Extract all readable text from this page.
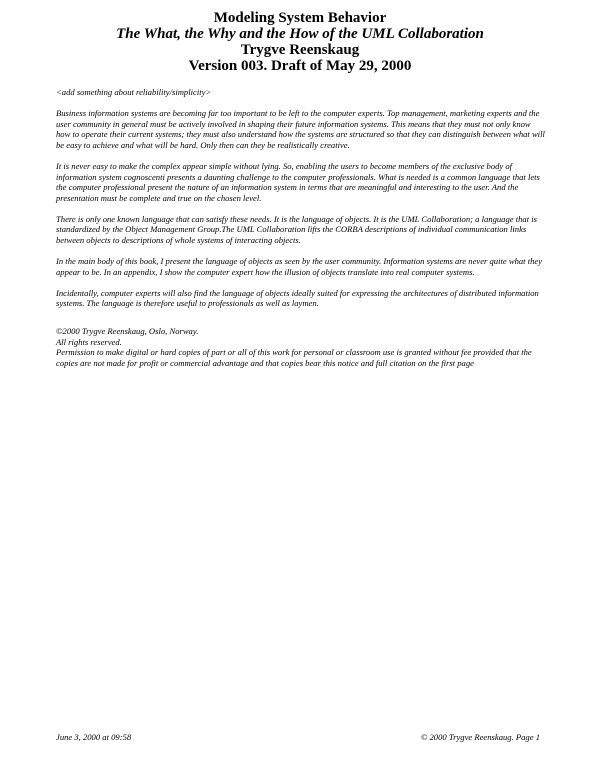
Modeling System Behavior
The What, the Why and the How of the UML Collaboration
Trygve Reenskaug
Version 003. Draft of May 29, 2000

<add something about reliability/simplicity>

Business information systems are becoming far too important to be left to the computer experts. Top management, marketing experts and the user community in general must be actively involved in shaping their future information systems. This means that they must not only know how to operate their current systems; they must also understand how the systems are structured so that they can distinguish between what will be easy to achieve and what will be hard. Only then can they be realistically creative.

It is never easy to make the complex appear simple without lying. So, enabling the users to become members of the exclusive body of information system cognoscenti presents a daunting challenge to the computer professionals. What is needed is a common language that lets the computer professional present the nature of an information system in terms that are meaningful and interesting to the user. And the presentation must be complete and true on the chosen level.

There is only one known language that can satisfy these needs. It is the language of objects. It is the UML Collaboration; a language that is standardized by the Object Management Group.The UML Collaboration lifts the CORBA descriptions of individual communication links between objects to descriptions of whole systems of interacting objects.

In the main body of this book, I present the language of objects as seen by the user community. Information systems are never quite what they appear to be. In an appendix, I show the computer expert how the illusion of objects translate into real computer systems.

Incidentally, computer experts will also find the language of objects ideally suited for expressing the architectures of distributed information systems. The language is therefore useful to professionals as well as laymen.

©2000 Trygve Reenskaug, Oslo, Norway.
All rights reserved.
Permission to make digital or hard copies of part or all of this work for personal or classroom use is granted without fee provided that the copies are not made for profit or commercial advantage and that copies bear this notice and full citation on the first page
June 3, 2000 at 09:58	© 2000 Trygve Reenskaug. Page 1
